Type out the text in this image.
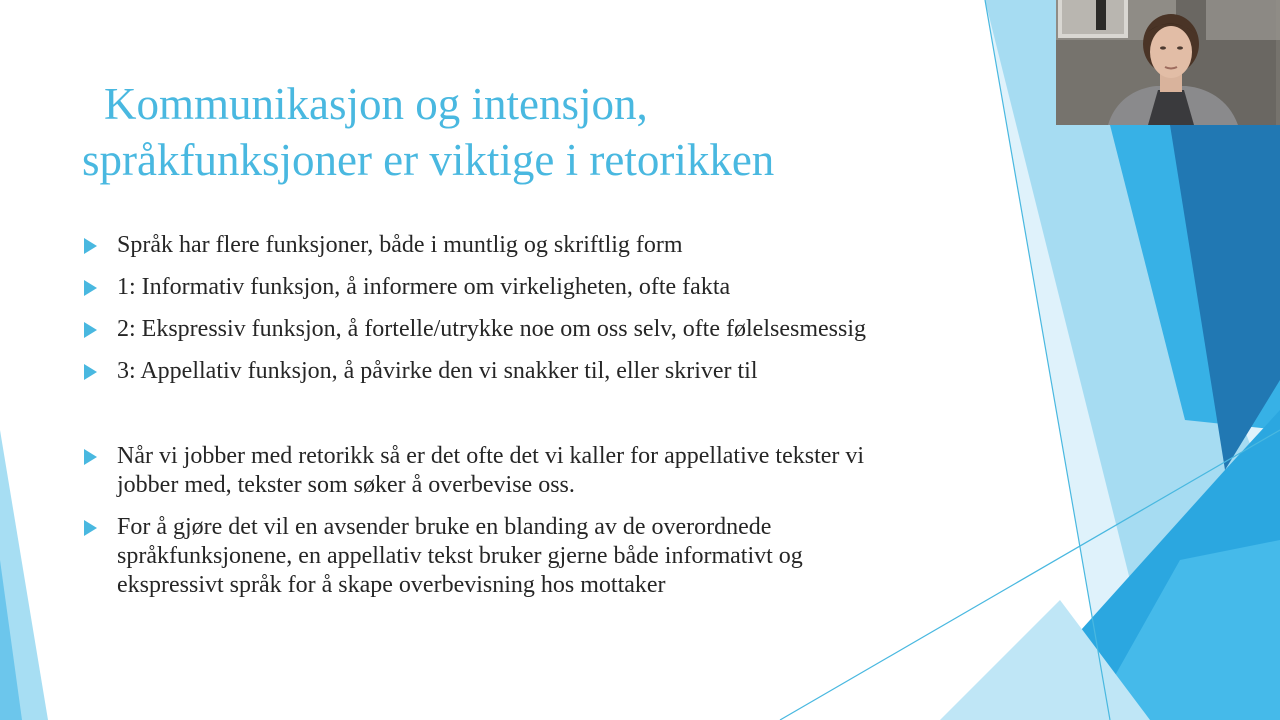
Kommunikasjon og intensjon,
språkfunksjoner er viktige i retorikken
Språk har flere funksjoner, både i muntlig og skriftlig form
1: Informativ funksjon, å informere om virkeligheten, ofte fakta
2: Ekspressiv funksjon, å fortelle/utrykke noe om oss selv, ofte følelsesmessig
3: Appellativ funksjon, å påvirke den vi snakker til, eller skriver til
Når vi jobber med retorikk så er det ofte det vi kaller for appellative tekster vi
jobber med, tekster som søker å overbevise oss.
For å gjøre det vil en avsender bruke en blanding av de overordnede
språkfunksjonene, en appellativ tekst bruker gjerne både informativt og
ekspressivt språk for å skape overbevisning hos mottaker
